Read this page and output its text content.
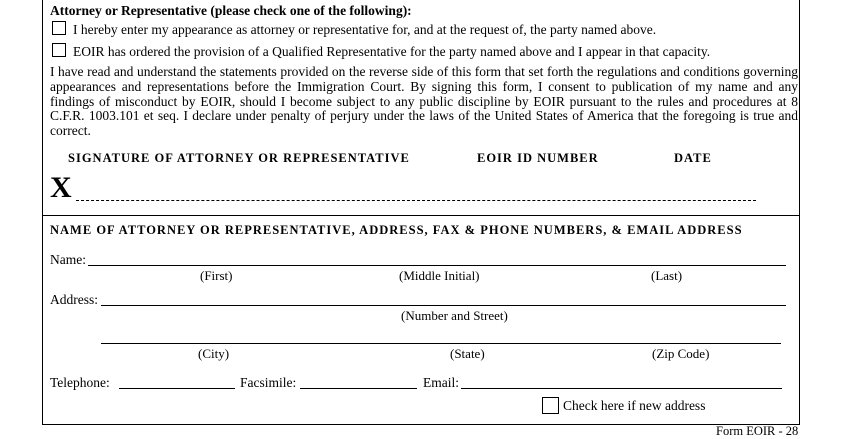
Attorney or Representative (please check one of the following):
I hereby enter my appearance as attorney or representative for, and at the request of, the party named above.
EOIR has ordered the provision of a Qualified Representative for the party named above and I appear in that capacity.
I have read and understand the statements provided on the reverse side of this form that set forth the regulations and conditions governing appearances and representations before the Immigration Court. By signing this form, I consent to publication of my name and any findings of misconduct by EOIR, should I become subject to any public discipline by EOIR pursuant to the rules and procedures at 8 C.F.R. 1003.101 et seq. I declare under penalty of perjury under the laws of the United States of America that the foregoing is true and correct.
SIGNATURE OF ATTORNEY OR REPRESENTATIVE	EOIR ID NUMBER	DATE
X
NAME OF ATTORNEY OR REPRESENTATIVE, ADDRESS, FAX & PHONE NUMBERS, & EMAIL ADDRESS
Name:
(First)	(Middle Initial)	(Last)
Address:
(Number and Street)
(City)	(State)	(Zip Code)
Telephone:	Facsimile:	Email:
Check here if new address
Form EOIR - 28
